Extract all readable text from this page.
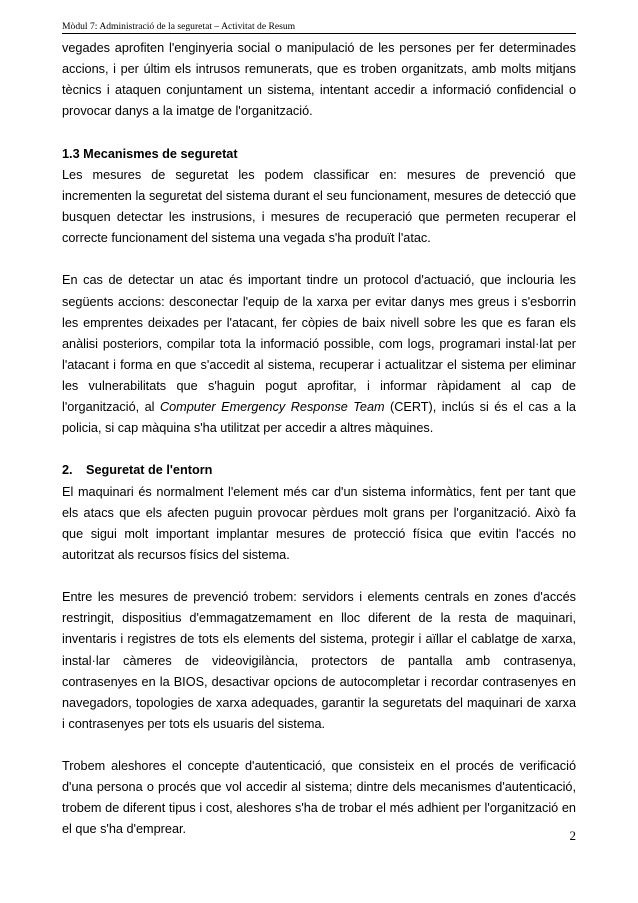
Mòdul 7: Administració de la seguretat – Activitat de Resum

vegades aprofiten l'enginyeria social o manipulació de les persones per fer determinades accions, i per últim els intrusos remunerats, que es troben organitzats, amb molts mitjans tècnics i ataquen conjuntament un sistema, intentant accedir a informació confidencial o provocar danys a la imatge de l'organització.

1.3 Mecanismes de seguretat

Les mesures de seguretat les podem classificar en: mesures de prevenció que incrementen la seguretat del sistema durant el seu funcionament, mesures de detecció que busquen detectar les instrusions, i mesures de recuperació que permeten recuperar el correcte funcionament del sistema una vegada s'ha produït l'atac.

En cas de detectar un atac és important tindre un protocol d'actuació, que inclouria les següents accions: desconectar l'equip de la xarxa per evitar danys mes greus i s'esborrin les emprentes deixades per l'atacant, fer còpies de baix nivell sobre les que es faran els anàlisi posteriors, compilar tota la informació possible, com logs, programari instal·lat per l'atacant i forma en que s'accedit al sistema, recuperar i actualitzar el sistema per eliminar les vulnerabilitats que s'haguin pogut aprofitar, i informar ràpidament al cap de l'organització, al Computer Emergency Response Team (CERT), inclús si és el cas a la policia, si cap màquina s'ha utilitzat per accedir a altres màquines.

2. Seguretat de l'entorn

El maquinari és normalment l'element més car d'un sistema informàtics, fent per tant que els atacs que els afecten puguin provocar pèrdues molt grans per l'organització. Això fa que sigui molt important implantar mesures de protecció física que evitin l'accés no autoritzat als recursos físics del sistema.

Entre les mesures de prevenció trobem: servidors i elements centrals en zones d'accés restringit, dispositius d'emmagatzemament en lloc diferent de la resta de maquinari, inventaris i registres de tots els elements del sistema, protegir i aïllar el cablatge de xarxa, instal·lar càmeres de videovigilància, protectors de pantalla amb contrasenya, contrasenyes en la BIOS, desactivar opcions de autocompletar i recordar contrasenyes en navegadors, topologies de xarxa adequades, garantir la seguretats del maquinari de xarxa i contrasenyes per tots els usuaris del sistema.

Trobem aleshores el concepte d'autenticació, que consisteix en el procés de verificació d'una persona o procés que vol accedir al sistema; dintre dels mecanismes d'autenticació, trobem de diferent tipus i cost, aleshores s'ha de trobar el més adhient per l'organització en el que s'ha d'emprear.	2
